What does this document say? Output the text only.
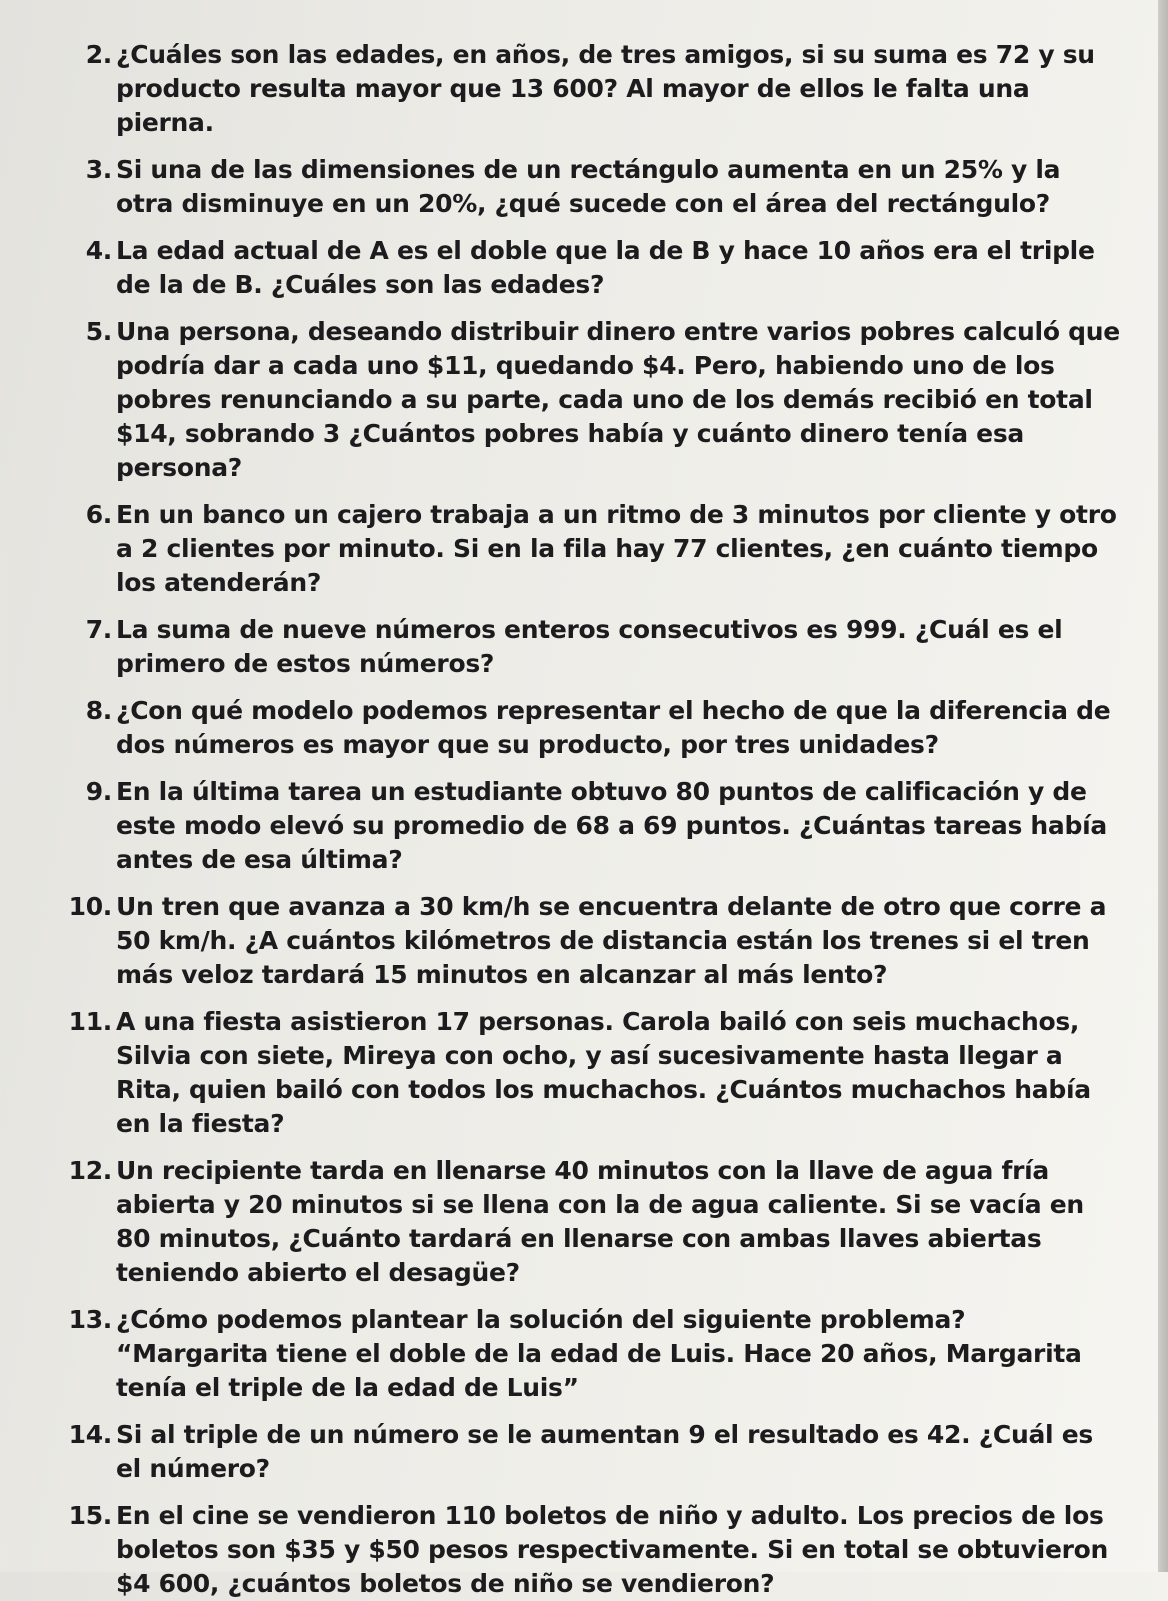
2 . ¿Cuáles son las edades, en años, de tres amigos, si su suma es 72 y su producto resulta mayor que 13 600? Al mayor de ellos le falta una pierna.
3 . Si una de las dimensiones de un rectángulo aumenta en un 25% y la otra disminuye en un 20%, ¿qué sucede con el área del rectángulo?
4 . La edad actual de A es el doble que la de B y hace 10 años era el triple de la de B. ¿Cuáles son las edades?
5 . Una persona, deseando distribuir dinero entre varios pobres calculó que podría dar a cada uno $11, quedando $4. Pero, habiendo uno de los pobres renunciando a su parte, cada uno de los demás recibió en total $14, sobrando 3 ¿Cuántos pobres había y cuánto dinero tenía esa persona?
6 . En un banco un cajero trabaja a un ritmo de 3 minutos por cliente y otro a 2 clientes por minuto. Si en la fila hay 77 clientes, ¿en cuánto tiempo los atenderán?
7 . La suma de nueve números enteros consecutivos es 999. ¿Cuál es el primero de estos números?
8 . ¿Con qué modelo podemos representar el hecho de que la diferencia de dos números es mayor que su producto, por tres unidades?
9 . En la última tarea un estudiante obtuvo 80 puntos de calificación y de este modo elevó su promedio de 68 a 69 puntos. ¿Cuántas tareas había antes de esa última?
10 . Un tren que avanza a 30 km/h se encuentra delante de otro que corre a 50 km/h. ¿A cuántos kilómetros de distancia están los trenes si el tren más veloz tardará 15 minutos en alcanzar al más lento?
11 . A una fiesta asistieron 17 personas. Carola bailó con seis muchachos, Silvia con siete, Mireya con ocho, y así sucesivamente hasta llegar a Rita, quien bailó con todos los muchachos. ¿Cuántos muchachos había en la fiesta?
12 . Un recipiente tarda en llenarse 40 minutos con la llave de agua fría abierta y 20 minutos si se llena con la de agua caliente. Si se vacía en 80 minutos, ¿Cuánto tardará en llenarse con ambas llaves abiertas teniendo abierto el desagüe?
13 . ¿Cómo podemos plantear la solución del siguiente problema? “Margarita tiene el doble de la edad de Luis. Hace 20 años, Margarita tenía el triple de la edad de Luis”
14 . Si al triple de un número se le aumentan 9 el resultado es 42. ¿Cuál es el número?
15 . En el cine se vendieron 110 boletos de niño y adulto. Los precios de los boletos son $35 y $50 pesos respectivamente. Si en total se obtuvieron $4 600, ¿cuántos boletos de niño se vendieron?
